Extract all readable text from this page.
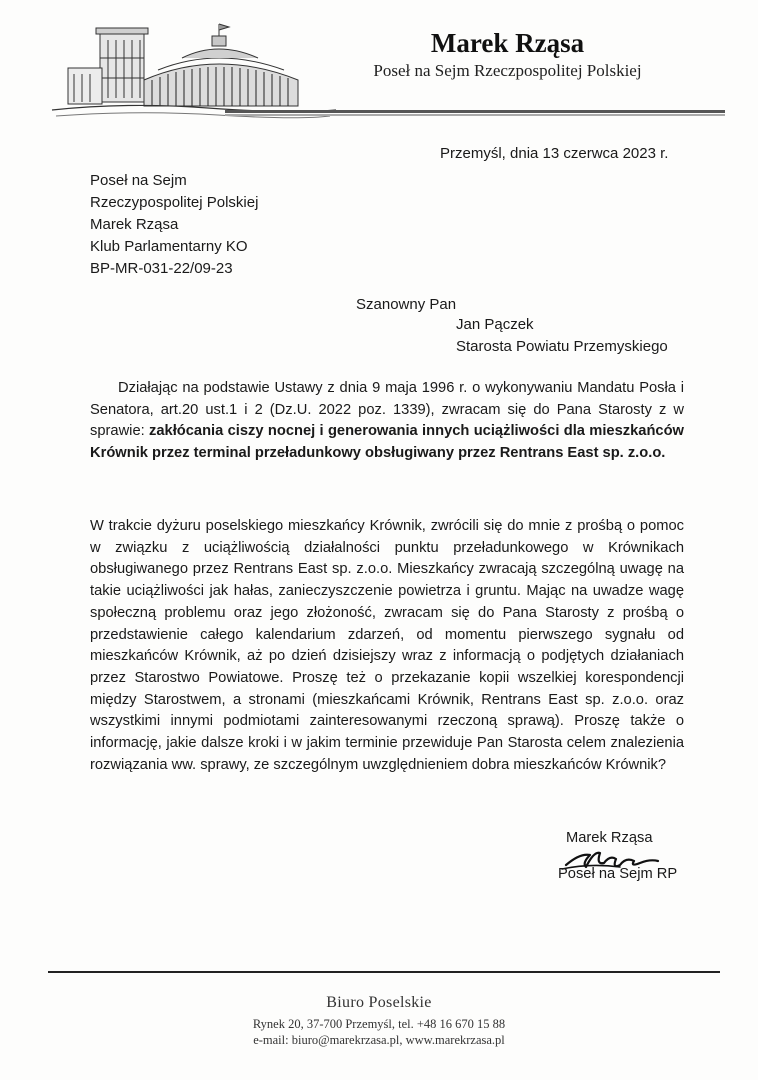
Marek Rząsa
Poseł na Sejm Rzeczpospolitej Polskiej
Przemyśl, dnia 13 czerwca 2023 r.
Poseł na Sejm
Rzeczypospolitej Polskiej
Marek Rząsa
Klub Parlamentarny KO
BP-MR-031-22/09-23
Szanowny Pan
Jan Pączek
Starosta Powiatu Przemyskiego
Działając na podstawie Ustawy z dnia 9 maja 1996 r. o wykonywaniu Mandatu Posła i Senatora, art.20 ust.1 i 2 (Dz.U. 2022 poz. 1339), zwracam się do Pana Starosty z w sprawie: zakłócania ciszy nocnej i generowania innych uciążliwości dla mieszkańców Krównik przez terminal przeładunkowy obsługiwany przez Rentrans East sp. z.o.o.
W trakcie dyżuru poselskiego mieszkańcy Krównik, zwrócili się do mnie z prośbą o pomoc w związku z uciążliwością działalności punktu przeładunkowego w Krównikach obsługiwanego przez Rentrans East sp. z.o.o. Mieszkańcy zwracają szczególną uwagę na takie uciążliwości jak hałas, zanieczyszczenie powietrza i gruntu. Mając na uwadze wagę społeczną problemu oraz jego złożoność, zwracam się do Pana Starosty z prośbą o przedstawienie całego kalendarium zdarzeń, od momentu pierwszego sygnału od mieszkańców Krównik, aż po dzień dzisiejszy wraz z informacją o podjętych działaniach przez Starostwo Powiatowe. Proszę też o przekazanie kopii wszelkiej korespondencji między Starostwem, a stronami (mieszkańcami Krównik, Rentrans East sp. z.o.o. oraz wszystkimi innymi podmiotami zainteresowanymi rzeczoną sprawą). Proszę także o informację, jakie dalsze kroki i w jakim terminie przewiduje Pan Starosta celem znalezienia rozwiązania ww. sprawy, ze szczególnym uwzględnieniem dobra mieszkańców Krównik?
Marek Rząsa
Poseł na Sejm RP
Biuro Poselskie
Rynek 20, 37-700 Przemyśl, tel. +48 16 670 15 88
e-mail: biuro@marekrzasa.pl, www.marekrzasa.pl
